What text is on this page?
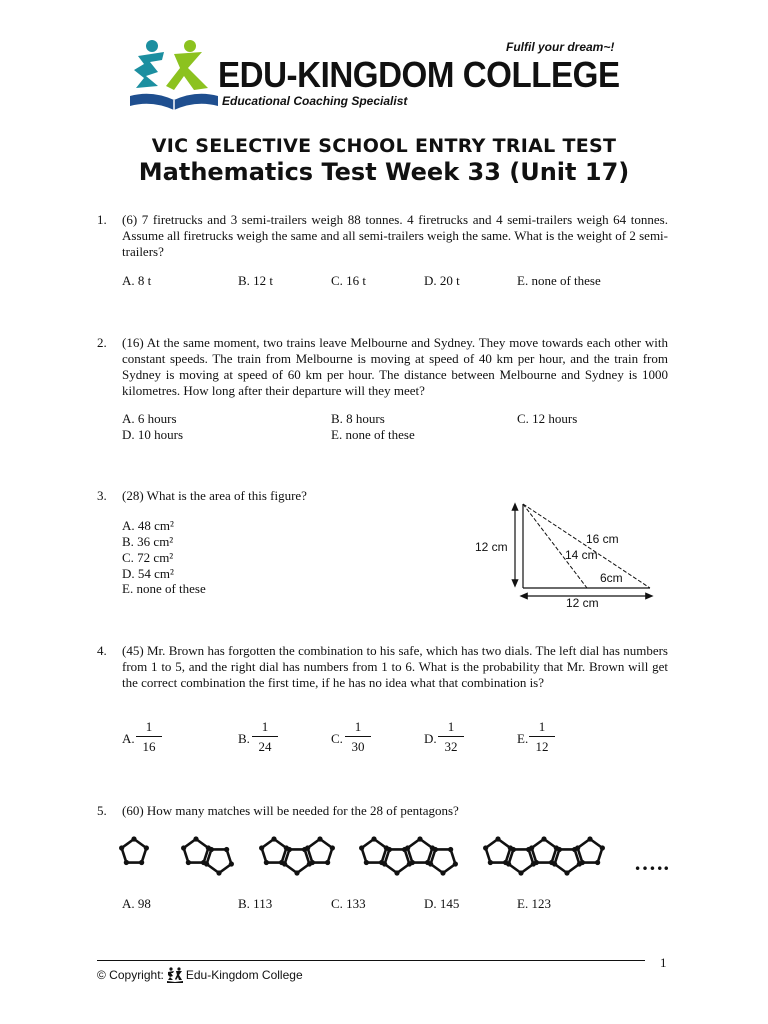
Fulfil your dream~!
EDU-KINGDOM COLLEGE
Educational Coaching Specialist
VIC SELECTIVE SCHOOL ENTRY TRIAL TEST
Mathematics Test Week 33 (Unit 17)
1.	(6) 7 firetrucks and 3 semi-trailers weigh 88 tonnes. 4 firetrucks and 4 semi-trailers weigh 64 tonnes. Assume all firetrucks weigh the same and all semi-trailers weigh the same. What is the weight of 2 semi-trailers?
A. 8 t	B. 12 t	C. 16 t	D. 20 t	E. none of these
2.	(16) At the same moment, two trains leave Melbourne and Sydney. They move towards each other with constant speeds. The train from Melbourne is moving at speed of 40 km per hour, and the train from Sydney is moving at speed of 60 km per hour. The distance between Melbourne and Sydney is 1000 kilometres. How long after their departure will they meet?
A. 6 hours	B. 8 hours	C. 12 hours
D. 10 hours	E. none of these
3.	(28) What is the area of this figure?
A. 48 cm²
B. 36 cm²
C. 72 cm²
D. 54 cm²
E. none of these
12 cm
16 cm
14 cm
6cm
12 cm
4.	(45) Mr. Brown has forgotten the combination to his safe, which has two dials. The left dial has numbers from 1 to 5, and the right dial has numbers from 1 to 6. What is the probability that Mr. Brown will get the correct combination the first time, if he has no idea what that combination is?
A.
1
16
B.
1
24
C.
1
30
D.
1
32
E.
1
12
5.	(60) How many matches will be needed for the 28 of pentagons?
…..
A. 98	B. 113	C. 133	D. 145	E. 123
1
© Copyright: Edu-Kingdom College
